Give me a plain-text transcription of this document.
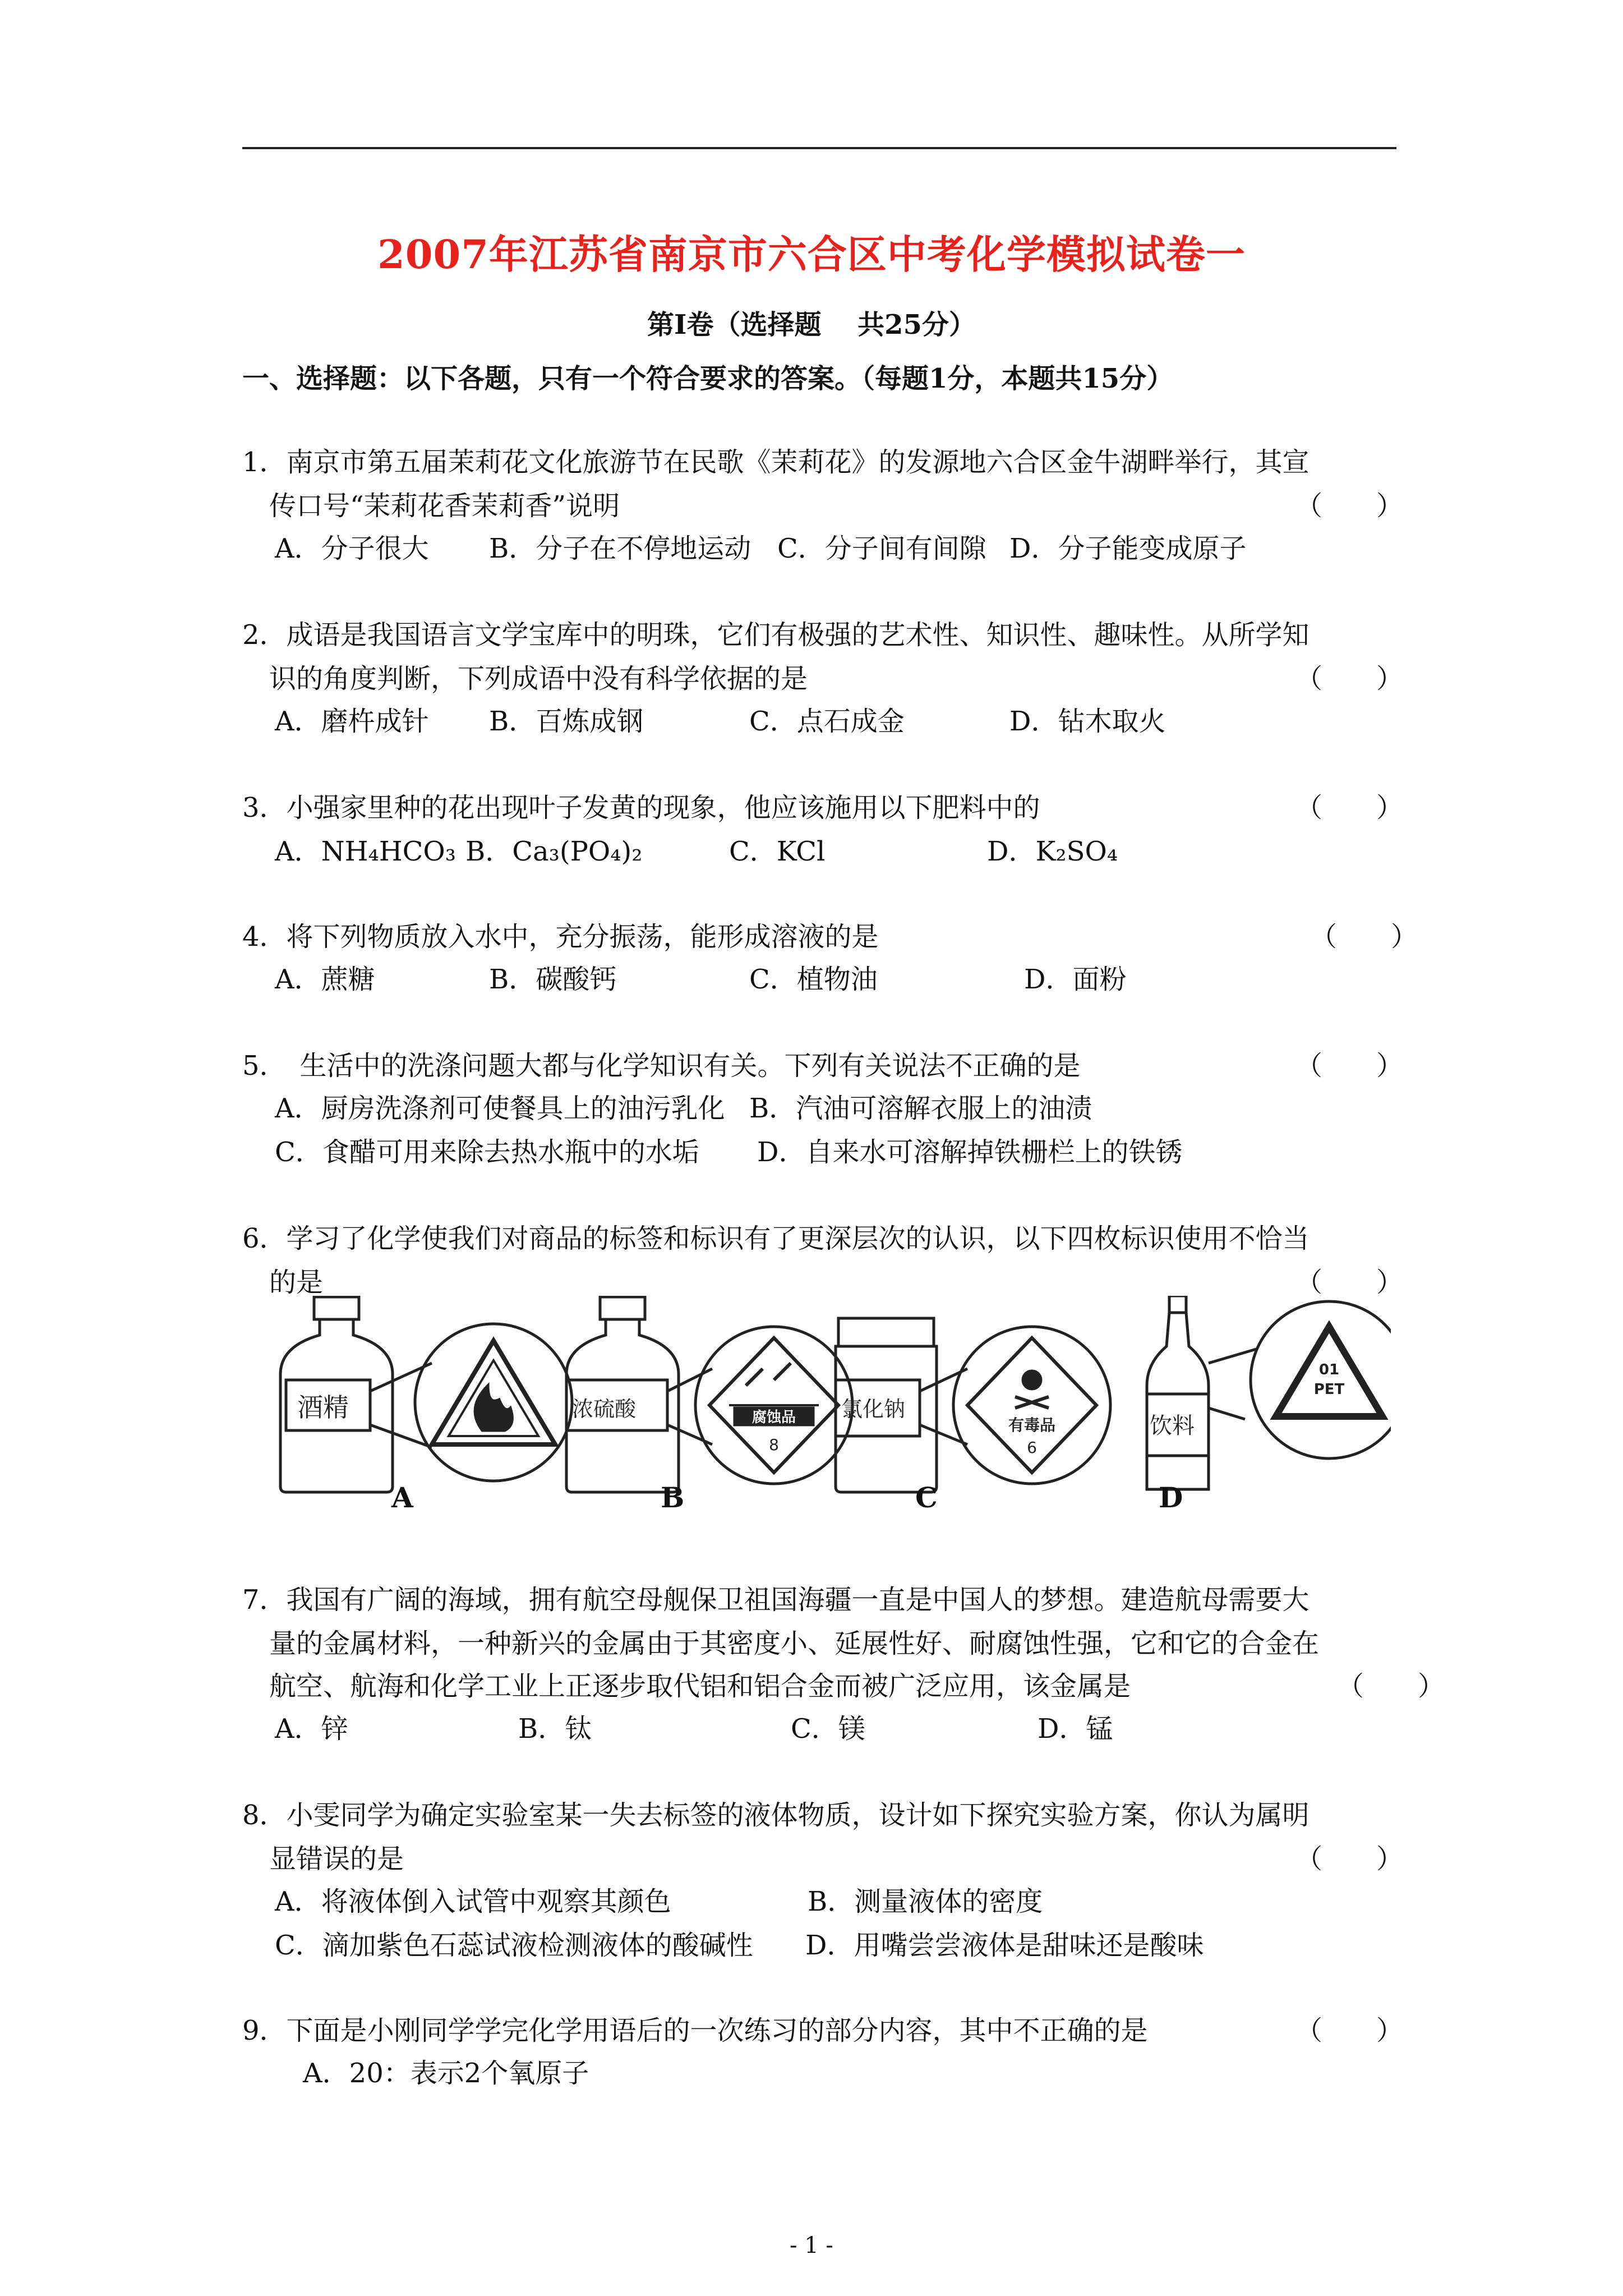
2007年江苏省南京市六合区中考化学模拟试卷一
第Ⅰ卷（选择题　 共25分）
一、选择题：以下各题，只有一个符合要求的答案。（每题1分，本题共15分）
1．南京市第五届茉莉花文化旅游节在民歌《茉莉花》的发源地六合区金牛湖畔举行，其宣
传口号“茉莉花香茉莉香”说明	（　　）
A．分子很大 B．分子在不停地运动 C．分子间有间隙 D．分子能变成原子
2．成语是我国语言文学宝库中的明珠，它们有极强的艺术性、知识性、趣味性。从所学知
识的角度判断，下列成语中没有科学依据的是	（　　）
A．磨杵成针 B．百炼成钢	C．点石成金	D．钻木取火
3．小强家里种的花出现叶子发黄的现象，他应该施用以下肥料中的	（　　）
A．NH₄HCO₃ B．Ca₃(PO₄)₂	C．KCl	D．K₂SO₄
4．将下列物质放入水中，充分振荡，能形成溶液的是	（　　）
A．蔗糖	B．碳酸钙	C．植物油	D．面粉
5．　生活中的洗涤问题大都与化学知识有关。下列有关说法不正确的是	（　　）
A．厨房洗涤剂可使餐具上的油污乳化 B．汽油可溶解衣服上的油渍
C．食醋可用来除去热水瓶中的水垢 D．自来水可溶解掉铁栅栏上的铁锈
6．学习了化学使我们对商品的标签和标识有了更深层次的认识，以下四枚标识使用不恰当
的是	（　　）
酒精	浓硫酸	氯化钠
饮料
腐蚀品
8
有毒品
6
01
PET
A	B	C	D
7．我国有广阔的海域，拥有航空母舰保卫祖国海疆一直是中国人的梦想。建造航母需要大
量的金属材料，一种新兴的金属由于其密度小、延展性好、耐腐蚀性强，它和它的合金在
航空、航海和化学工业上正逐步取代铝和铝合金而被广泛应用，该金属是	（　　）
A．锌	B．钛	C．镁	D．锰
8．小雯同学为确定实验室某一失去标签的液体物质，设计如下探究实验方案，你认为属明
显错误的是	（　　）
A．将液体倒入试管中观察其颜色	B．测量液体的密度
C．滴加紫色石蕊试液检测液体的酸碱性 D．用嘴尝尝液体是甜味还是酸味
9．下面是小刚同学学完化学用语后的一次练习的部分内容，其中不正确的是	（　　）
A．20：表示2个氧原子
- 1 -
